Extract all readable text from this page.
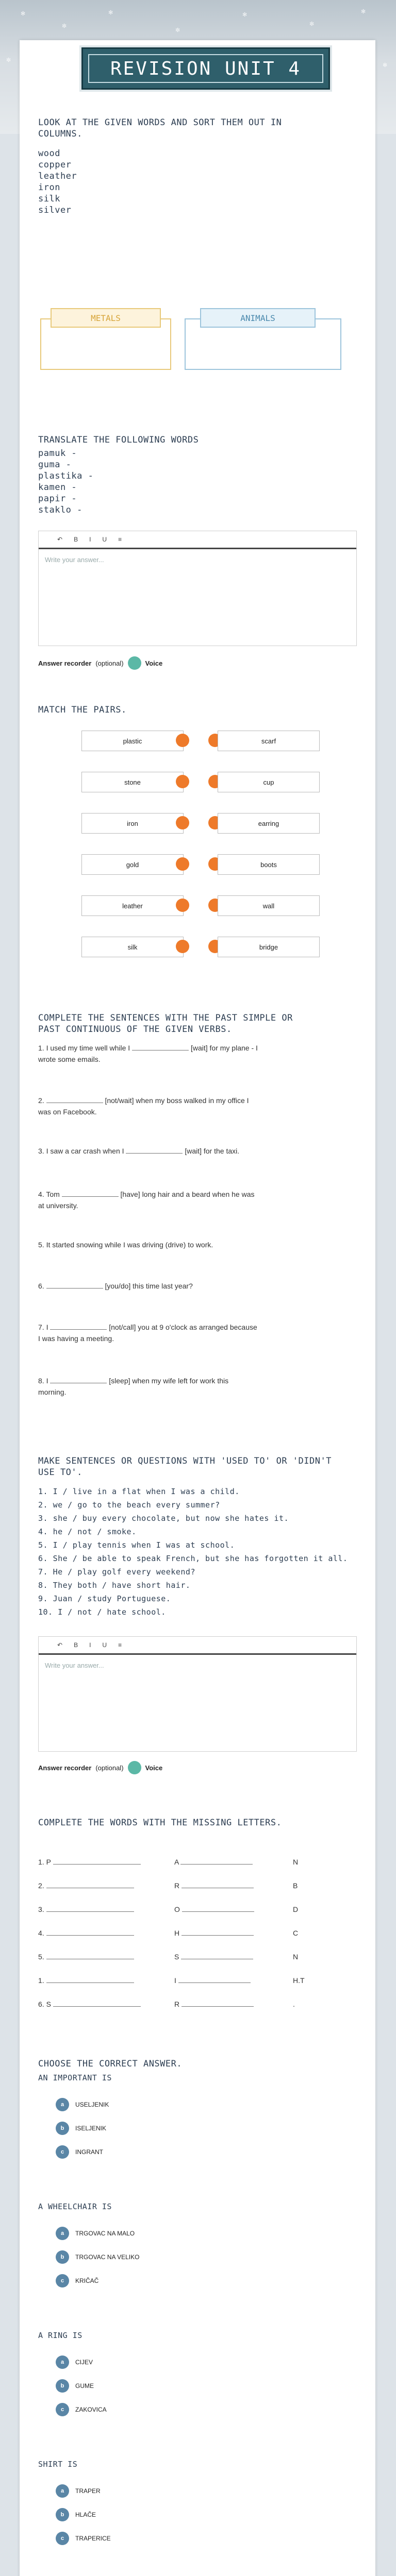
✻
✼
✻
✼
✻
✼
✻
✼
✻
REVISION UNIT 4
LOOK AT THE GIVEN WORDS AND SORT THEM OUT IN
COLUMNS.
wood
copper
leather
iron
silk
silver
METALS	ANIMALS
TRANSLATE THE FOLLOWING WORDS
pamuk -
guma -
plastika -
kamen -
papir -
staklo -
↶ B I U ≡
Write your answer...
Answer recorder (optional)	Voice
MATCH THE PAIRS.
plastic	scarf
stone	cup
iron	earring
gold	boots
leather	wall
silk	bridge
COMPLETE THE SENTENCES WITH THE PAST SIMPLE OR
PAST CONTINUOUS OF THE GIVEN VERBS.
1. I used my time well while I	[wait] for my plane - I
wrote some emails.
2.	[not/wait] when my boss walked in my office I
was on Facebook.
3. I saw a car crash when I	[wait] for the taxi.
4. Tom	[have] long hair and a beard when he was
at university.
5. It started snowing while I was driving (drive) to work.
6.	[you/do] this time last year?
7. I	[not/call] you at 9 o'clock as arranged because
I was having a meeting.
8. I	[sleep] when my wife left for work this
morning.
MAKE SENTENCES OR QUESTIONS WITH 'USED TO' OR 'DIDN'T
USE TO'.
1. I / live in a flat when I was a child.
2. we / go to the beach every summer?
3. she / buy every chocolate, but now she hates it.
4. he / not / smoke.
5. I / play tennis when I was at school.
6. She / be able to speak French, but she has forgotten it all.
7. He / play golf every weekend?
8. They both / have short hair.
9. Juan / study Portuguese.
10. I / not / hate school.
↶ B I U ≡
Write your answer...
Answer recorder (optional)	Voice
COMPLETE THE WORDS WITH THE MISSING LETTERS.
1. P	A	N
2.	R	B
3.	O	D
4.	H	C
5.	S	N
1.	I	H.T
6. S	R	.
CHOOSE THE CORRECT ANSWER.
AN IMPORTANT IS
a	USELJENIK
b	ISELJENIK
c	INGRANT
A WHEELCHAIR IS
a	TRGOVAC NA MALO
b	TRGOVAC NA VELIKO
c	KRIČAČ
A RING IS
a	CIJEV
b	GUME
c	ZAKOVICA
SHIRT IS
a	TRAPER
b	HLAČE
c	TRAPERICE
